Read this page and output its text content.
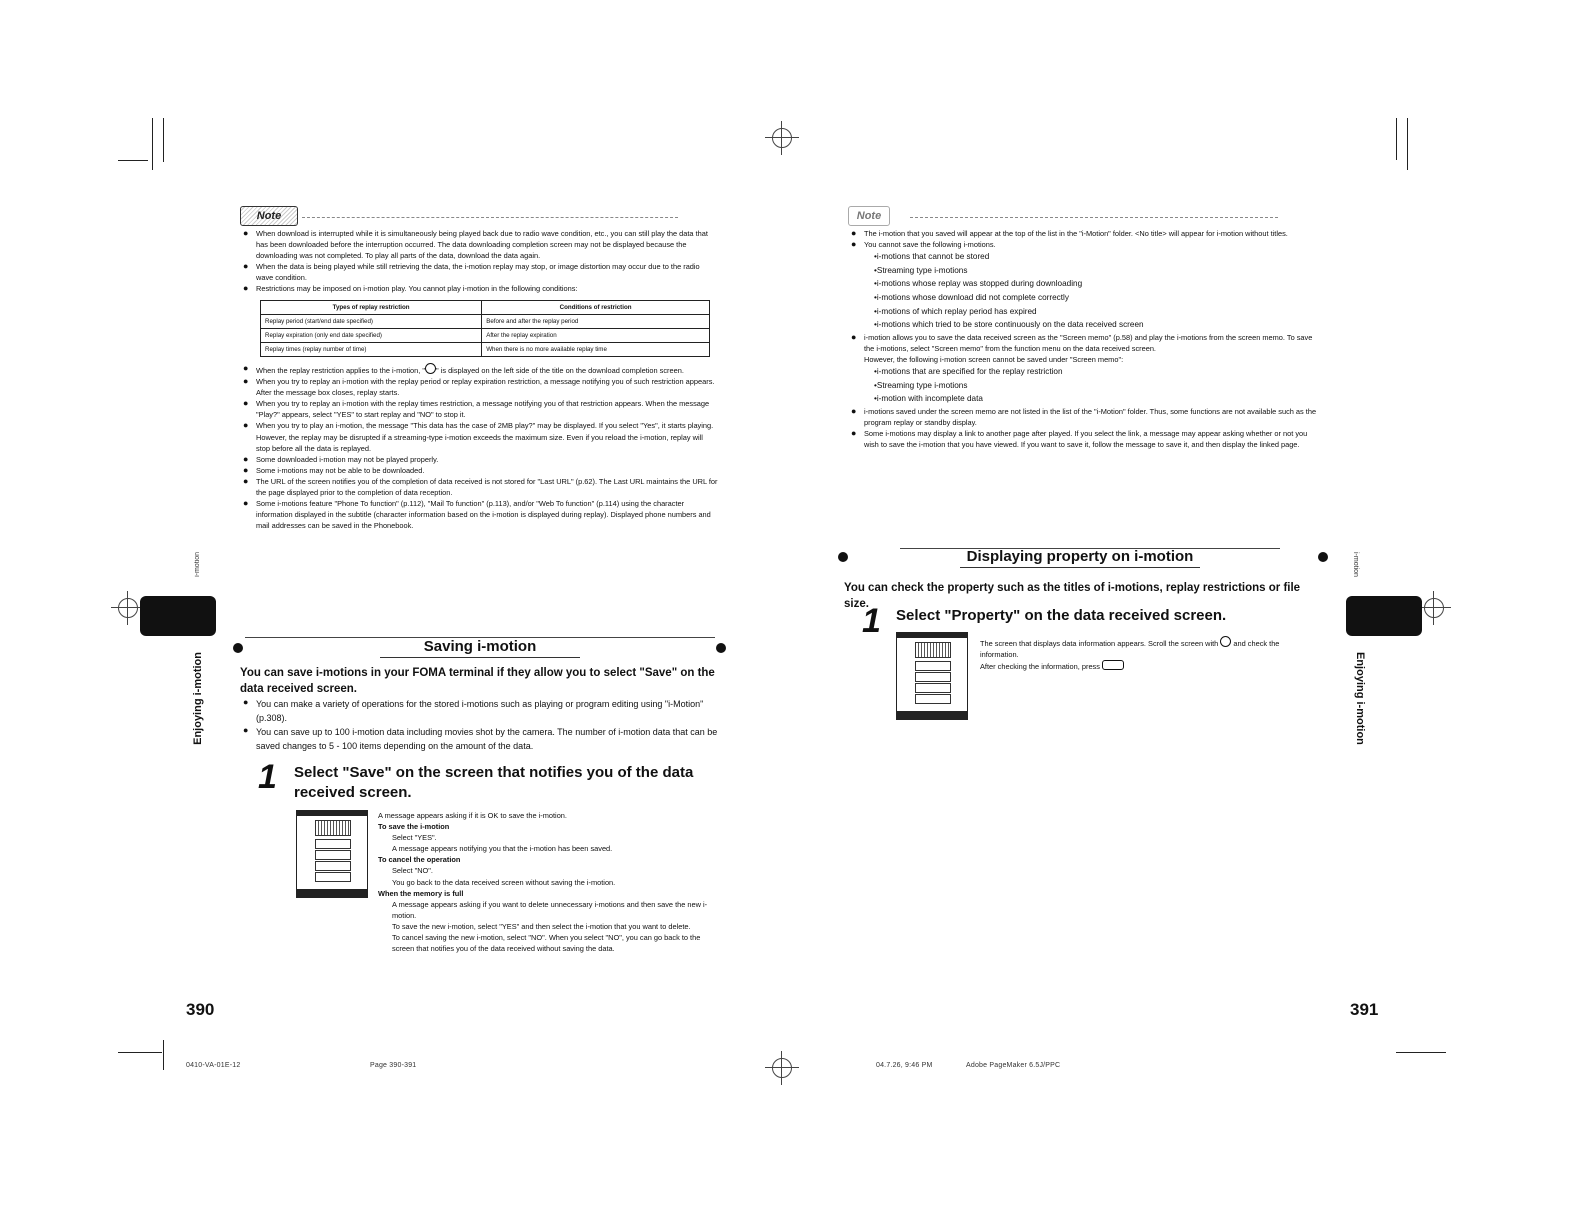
Note

● When download is interrupted while it is simultaneously being played back due to radio wave condition, etc., you can still play the data that has been downloaded before the interruption occurred. The data downloading completion screen may not be displayed because the downloading was not completed. To play all parts of the data, download the data again.

● When the data is being played while still retrieving the data, the i-motion replay may stop, or image distortion may occur due to the radio wave condition.

● Restrictions may be imposed on i-motion play. You cannot play i-motion in the following conditions:

Types of replay restriction	Conditions of restriction
Replay period (start/end date specified)	Before and after the replay period
Replay expiration (only end date specified)	After the replay expiration
Replay times (replay number of time)	When there is no more available replay time

● When the replay restriction applies to the i-motion, " " is displayed on the left side of the title on the download completion screen.

● When you try to replay an i-motion with the replay period or replay expiration restriction, a message notifying you of such restriction appears. After the message box closes, replay starts.

● When you try to replay an i-motion with the replay times restriction, a message notifying you of that restriction appears. When the message "Play?" appears, select "YES" to start replay and "NO" to stop it.

● When you try to play an i-motion, the message "This data has the case of 2MB play?" may be displayed. If you select "Yes", it starts playing. However, the replay may be disrupted if a streaming-type i-motion exceeds the maximum size. Even if you reload the i-motion, replay will stop before all the data is replayed.

● Some downloaded i-motion may not be played properly.

● Some i-motions may not be able to be downloaded.

● The URL of the screen notifies you of the completion of data received is not stored for "Last URL" (p.62). The Last URL maintains the URL for the page displayed prior to the completion of data reception.

● Some i-motions feature "Phone To function" (p.112), "Mail To function" (p.113), and/or "Web To function" (p.114) using the character information displayed in the subtitle (character information based on the i-motion is displayed during replay). Displayed phone numbers and mail addresses can be saved in the Phonebook.

Saving i-motion
You can save i-motions in your FOMA terminal if they allow you to select "Save" on the data received screen.

● You can make a variety of operations for the stored i-motions such as playing or program editing using "i-Motion" (p.308).

● You can save up to 100 i-motion data including movies shot by the camera. The number of i-motion data that can be saved changes to 5 - 100 items depending on the amount of the data.

1 Select "Save" on the screen that notifies you of the data received screen.
A message appears asking if it is OK to save the i-motion.
To save the i-motion
Select "YES".
A message appears notifying you that the i-motion has been saved.
To cancel the operation
Select "NO".
You go back to the data received screen without saving the i-motion.
When the memory is full
A message appears asking if you want to delete unnecessary i-motions and then save the new i-motion.
To save the new i-motion, select "YES" and then select the i-motion that you want to delete.
To cancel saving the new i-motion, select "NO". When you select "NO", you can go back to the screen that notifies you of the data received without saving the data.
390
i-motion
Enjoying i-motion
Note

● The i-motion that you saved will appear at the top of the list in the "i-Motion" folder. <No title> will appear for i-motion without titles.

● You cannot save the following i-motions.

•i-motions that cannot be stored
•Streaming type i-motions
•i-motions whose replay was stopped during downloading
•i-motions whose download did not complete correctly
•i-motions of which replay period has expired
•i-motions which tried to be store continuously on the data received screen

● i-motion allows you to save the data received screen as the "Screen memo" (p.58) and play the i-motions from the screen memo. To save the i-motions, select "Screen memo" from the function menu on the data received screen.

However, the following i-motion screen cannot be saved under "Screen memo":
•i-motions that are specified for the replay restriction
•Streaming type i-motions
•i-motion with incomplete data

● i-motions saved under the screen memo are not listed in the list of the "i-Motion" folder. Thus, some functions are not available such as the program replay or standby display.

● Some i-motions may display a link to another page after played. If you select the link, a message may appear asking whether or not you wish to save the i-motion that you have viewed. If you want to save it, follow the message to save it, and then display the linked page.

Displaying property on i-motion
You can check the property such as the titles of i-motions, replay restrictions or file size.
1 Select "Property" on the data received screen.
The screen that displays data information appears. Scroll the screen with and check the information.
After checking the information, press
391
i-motion
Enjoying i-motion
0410-VA-01E-12	Page 390-391	04.7.26, 9:46 PM	Adobe PageMaker 6.5J/PPC
